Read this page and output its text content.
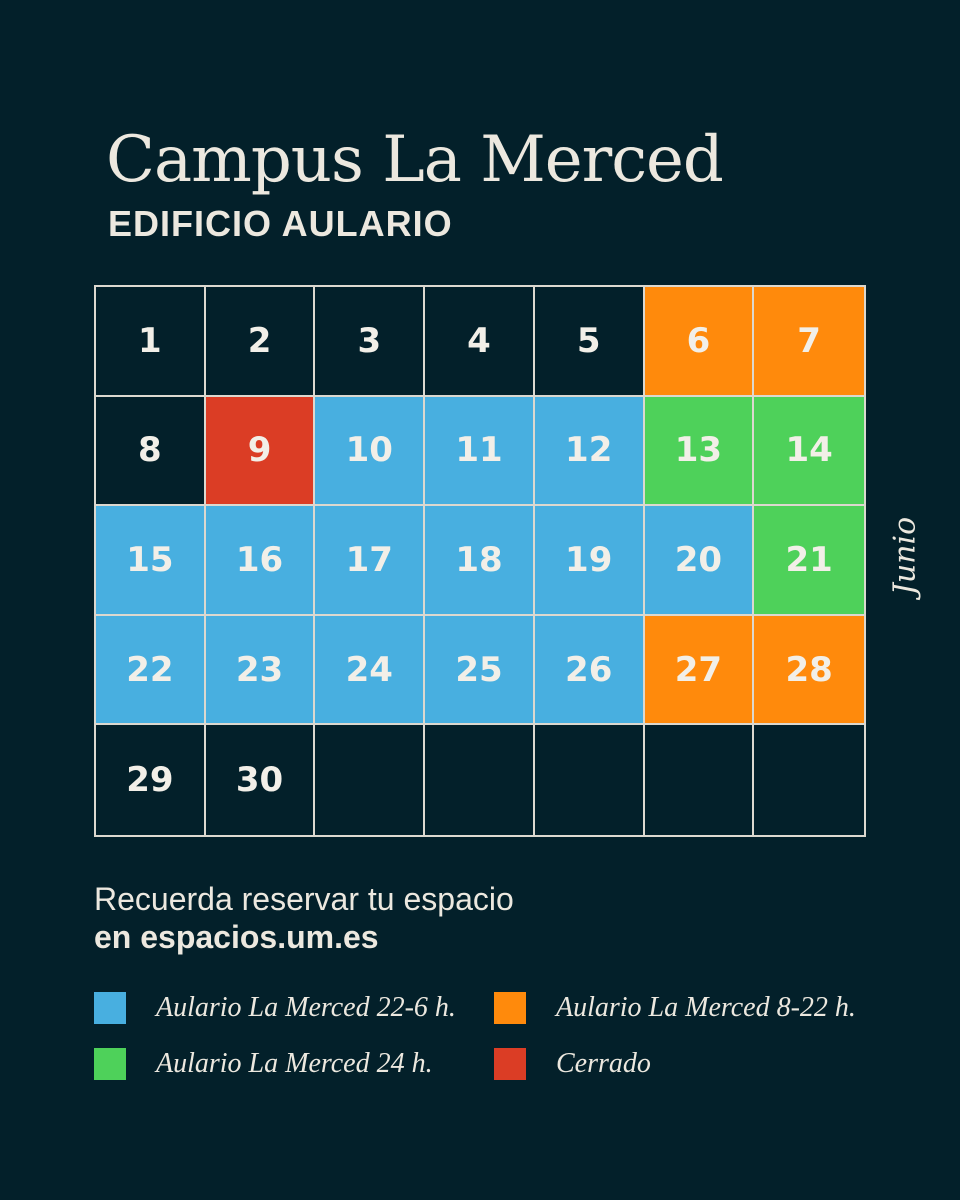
Campus La Merced
EDIFICIO AULARIO
1	2	3	4	5	6	7
8	9	10	11	12	13	14
15	16	17	18	19	20	21
22	23	24	25	26	27	28
29	30
Junio
Recuerda reservar tu espacio
en espacios.um.es
Aulario La Merced 22-6 h.	Aulario La Merced 8-22 h.
Aulario La Merced 24 h.	Cerrado
